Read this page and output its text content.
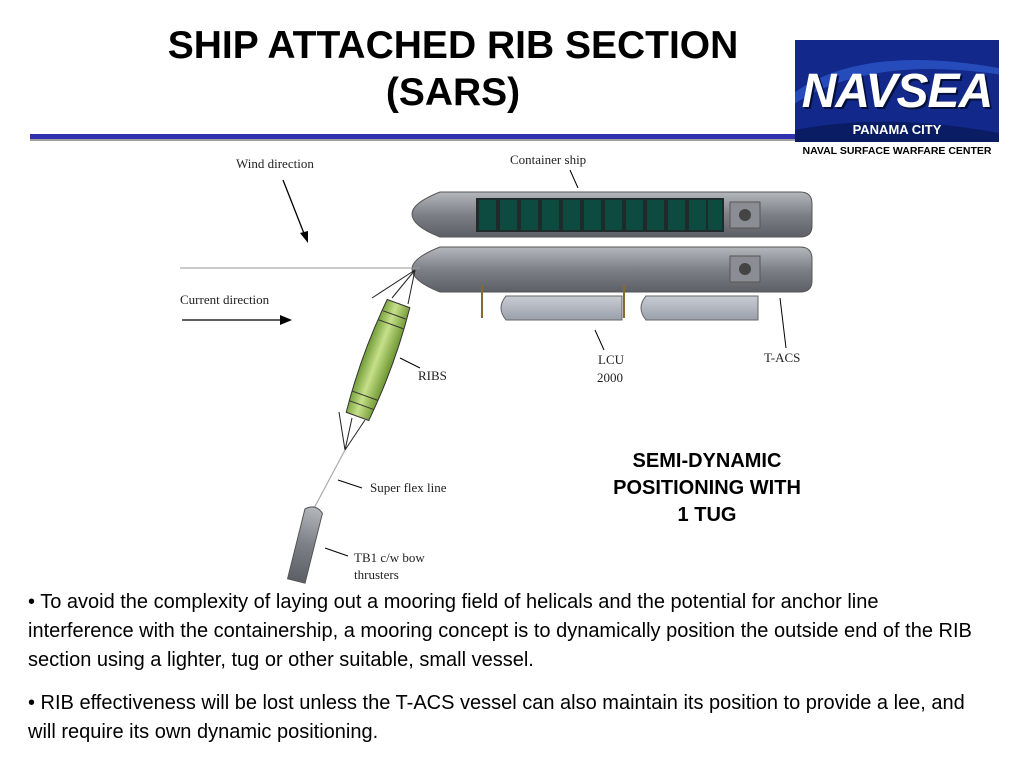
SHIP ATTACHED RIB SECTION
(SARS)	NAVSEA
PANAMA CITY
NAVAL SURFACE WARFARE CENTER
Wind direction	Container ship
Current direction
RIBS
LCU
2000
T-ACS
Super flex line
TB1 c/w bow
thrusters
SEMI-DYNAMIC
POSITIONING WITH
1 TUG

• To avoid the complexity of laying out a mooring field of helicals and the potential for anchor line interference with the containership, a mooring concept is to dynamically position the outside end of the RIB section using a lighter, tug or other suitable, small vessel.

• RIB effectiveness will be lost unless the T-ACS vessel can also maintain its position to provide a lee, and will require its own dynamic positioning.
